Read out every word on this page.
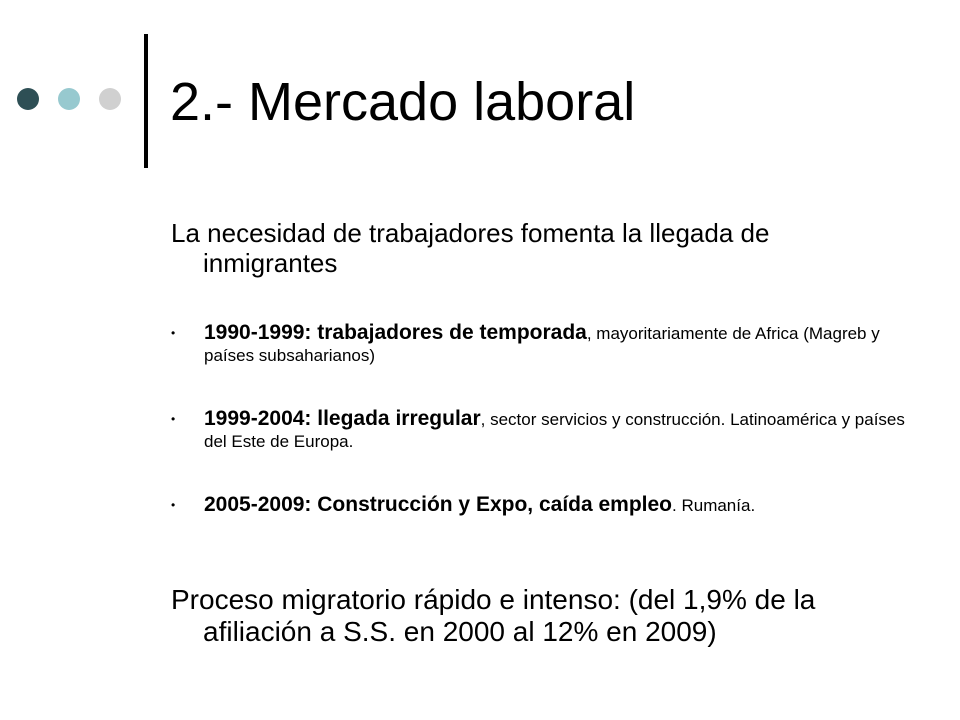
2.- Mercado laboral

La necesidad de trabajadores fomenta la llegada de
inmigrantes

• 1990-1999: trabajadores de temporada, mayoritariamente de Africa (Magreb y países subsaharianos)
• 1999-2004: llegada irregular, sector servicios y construcción. Latinoamérica y países del Este de Europa.
• 2005-2009: Construcción y Expo, caída empleo. Rumanía.

Proceso migratorio rápido e intenso: (del 1,9% de la
afiliación a S.S. en 2000 al 12% en 2009)
